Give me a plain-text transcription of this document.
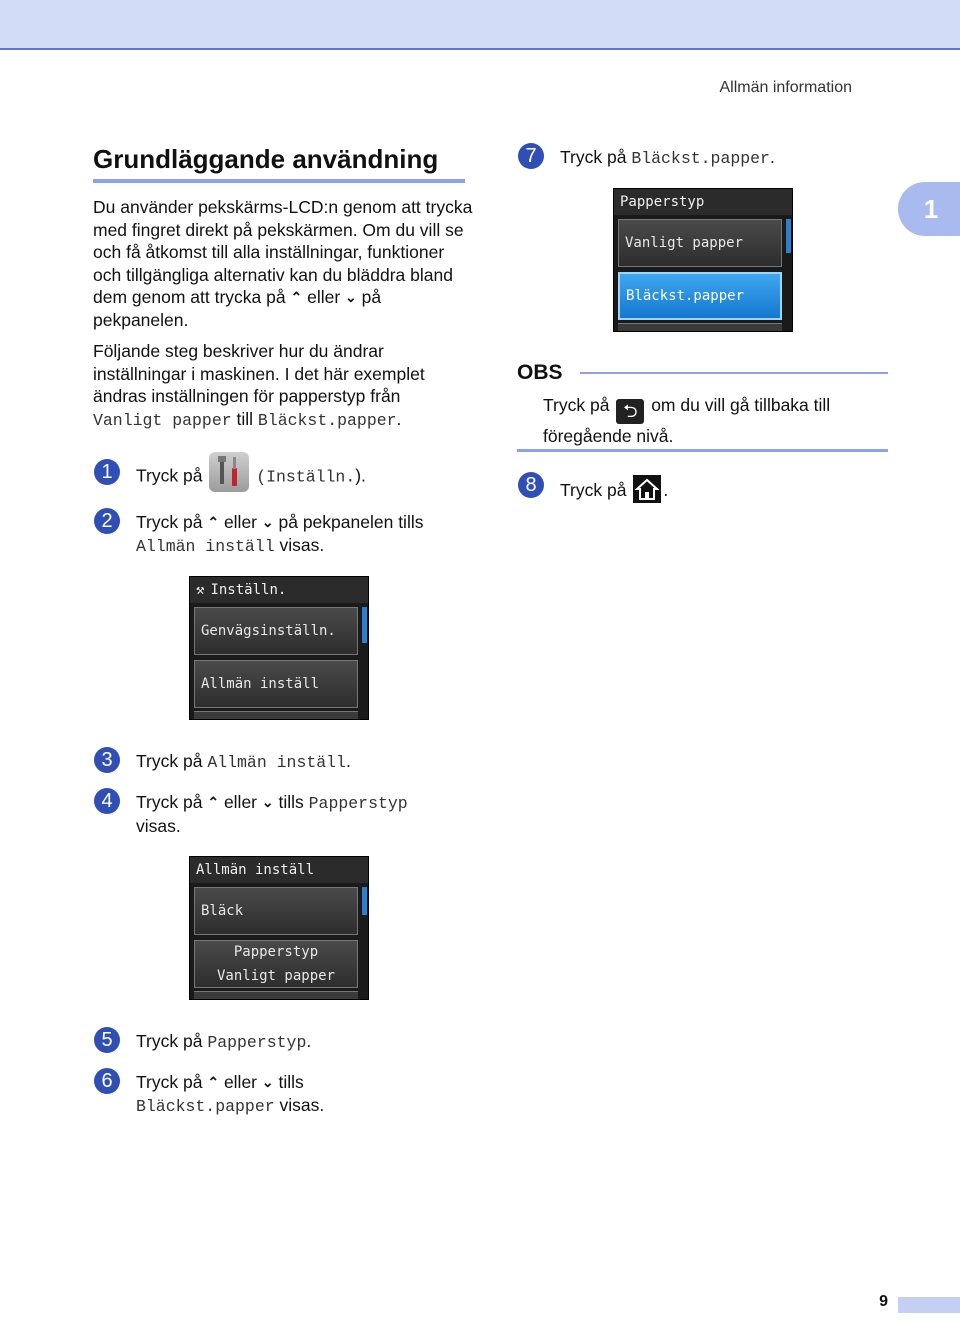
Allmän information
1
Grundläggande användning
Du använder pekskärms-LCD:n genom att trycka med fingret direkt på pekskärmen. Om du vill se och få åtkomst till alla inställningar, funktioner och tillgängliga alternativ kan du bläddra bland dem genom att trycka på ⌃ eller ⌄ på pekpanelen.
Följande steg beskriver hur du ändrar inställningar i maskinen. I det här exemplet ändras inställningen för papperstyp från Vanligt papper till Bläckst.papper.
1	Tryck på	(Inställn.).
2	Tryck på ⌃ eller ⌄ på pekpanelen tills
Allmän inställ visas.
⚒ Inställn.
Genvägsinställn.
Allmän inställ
3	Tryck på Allmän inställ.
4	Tryck på ⌃ eller ⌄ tills Papperstyp
visas.
Allmän inställ
Bläck
Papperstyp
Vanligt papper
5	Tryck på Papperstyp.
6	Tryck på ⌃ eller ⌄ tills
Bläckst.papper visas.
7	Tryck på Bläckst.papper.
Papperstyp
Vanligt papper
Bläckst.papper
OBS
Tryck på ⮌ om du vill gå tillbaka till föregående nivå.
8	Tryck på .
9
